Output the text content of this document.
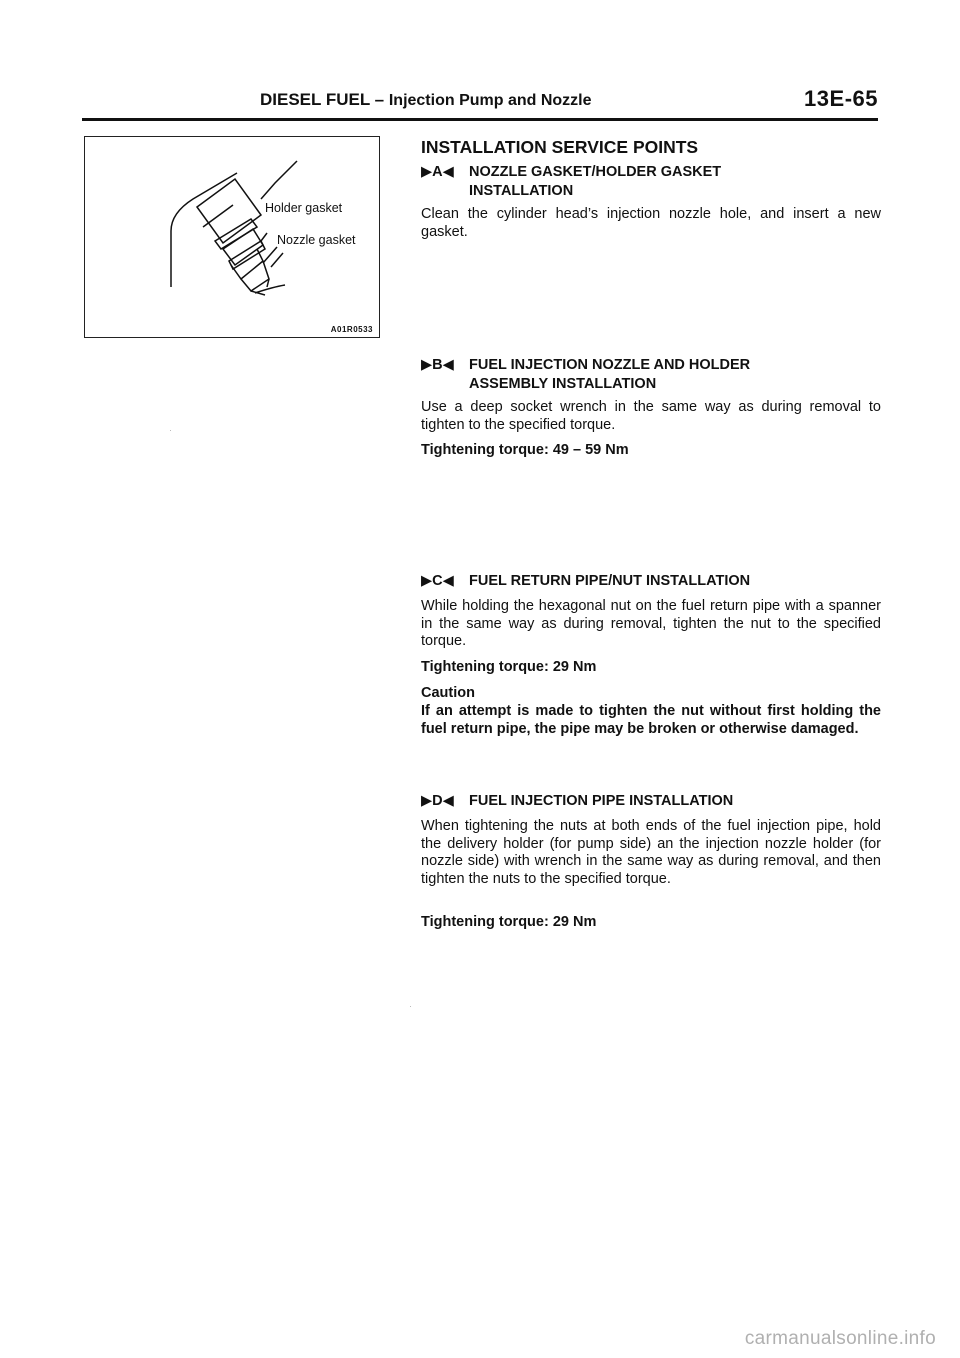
DIESEL FUEL – Injection Pump and Nozzle	13E-65
Holder gasket
Nozzle gasket
A01R0533
INSTALLATION SERVICE POINTS
▶A◀ NOZZLE GASKET/HOLDER GASKET
INSTALLATION
Clean the cylinder head’s injection nozzle hole, and insert a new gasket.
▶B◀ FUEL INJECTION NOZZLE AND HOLDER
ASSEMBLY INSTALLATION
Use a deep socket wrench in the same way as during removal to tighten to the specified torque.
Tightening torque: 49 – 59 Nm
▶C◀ FUEL RETURN PIPE/NUT INSTALLATION
While holding the hexagonal nut on the fuel return pipe with a spanner in the same way as during removal, tighten the nut to the specified torque.
Tightening torque: 29 Nm
Caution
If an attempt is made to tighten the nut without first holding the fuel return pipe, the pipe may be broken or otherwise damaged.
▶D◀ FUEL INJECTION PIPE INSTALLATION
When tightening the nuts at both ends of the fuel injection pipe, hold the delivery holder (for pump side) an the injection nozzle holder (for nozzle side) with wrench in the same way as during removal, and then tighten the nuts to the specified torque.
Tightening torque: 29 Nm
carmanualsonline.info
